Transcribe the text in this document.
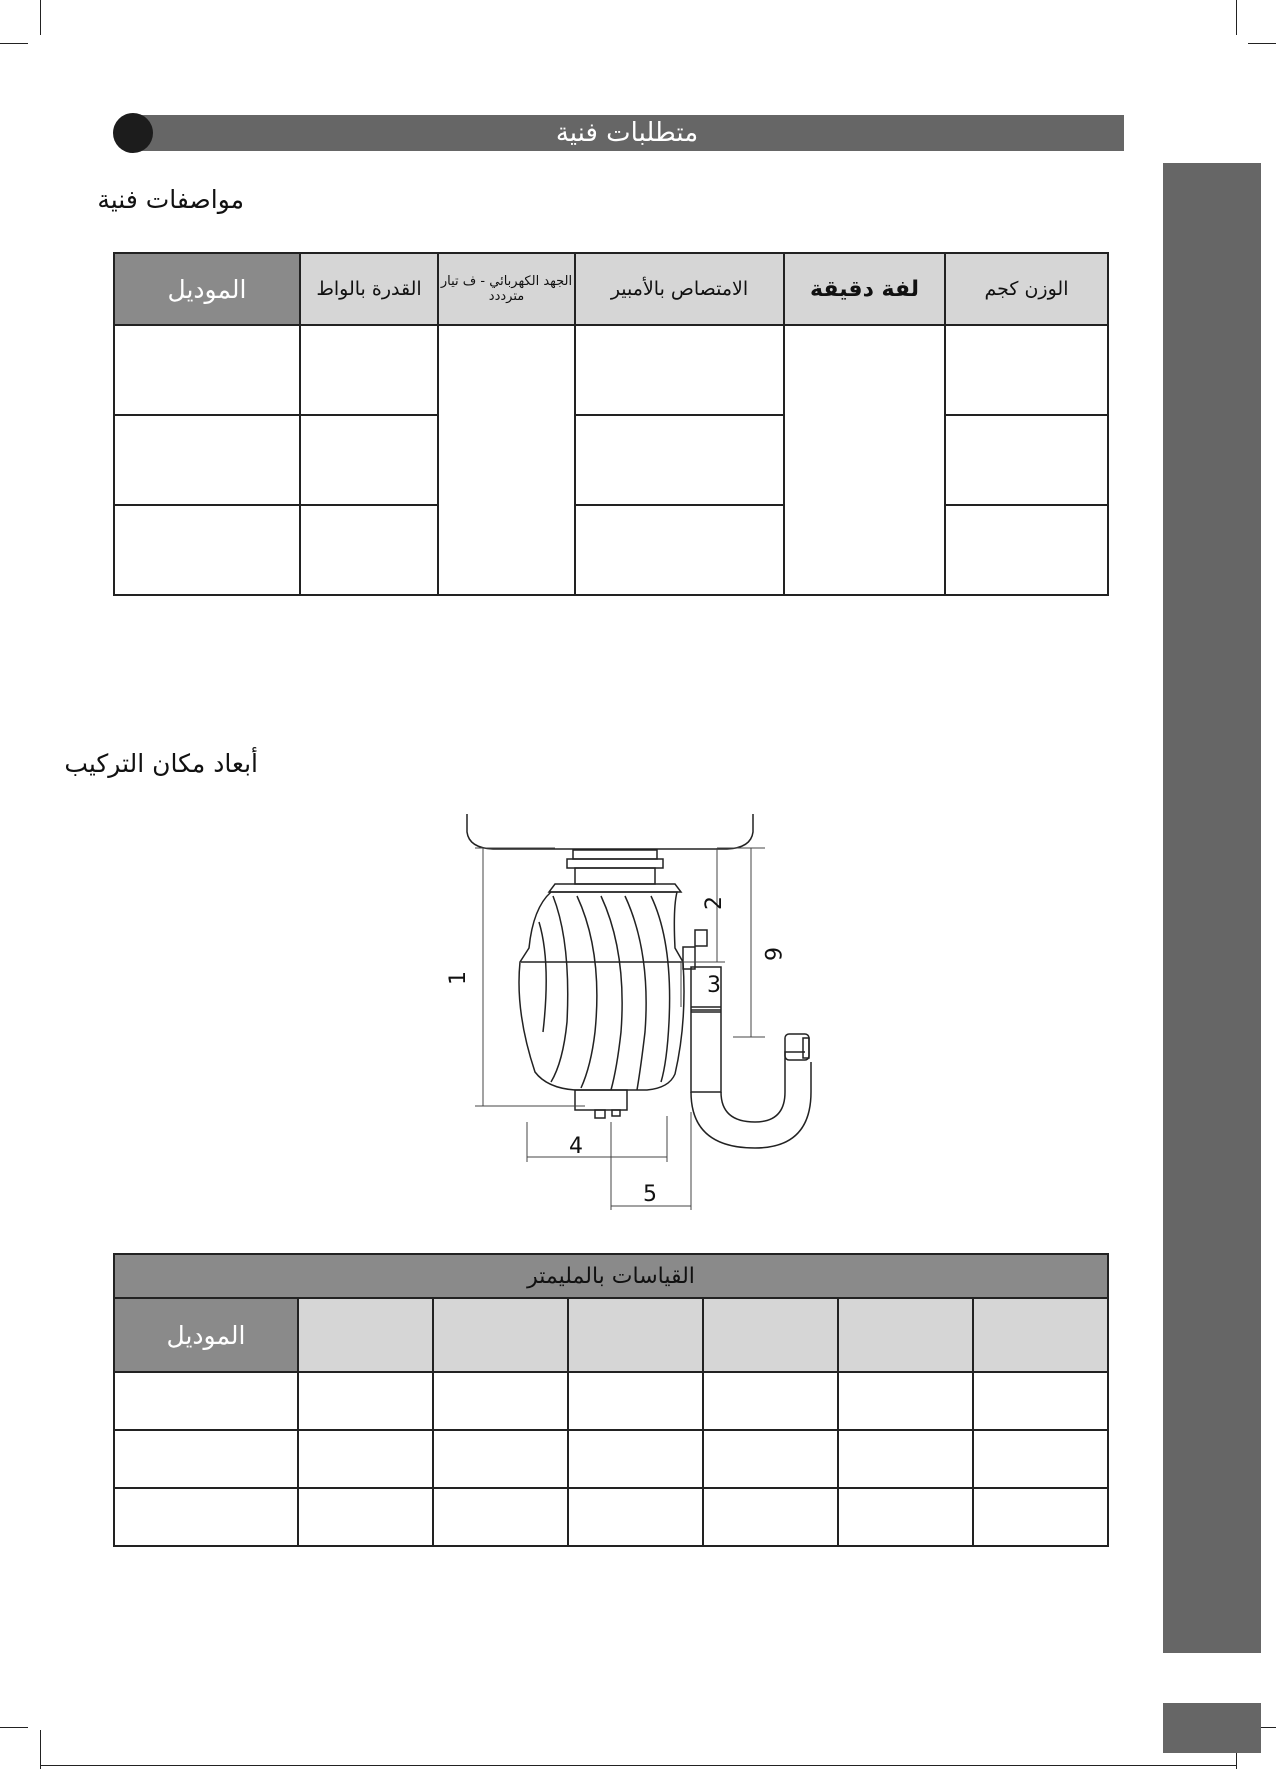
متطلبات فنية
مواصفات فنية
الموديل	القدرة بالواط	الجهد الكهربائي - ف تيار مترددد	الامتصاص بالأمبير	لفة دقيقة	الوزن كجم

أبعاد مكان التركيب
1
2
3
4
5
6
القياسات بالمليمتر						
الموديل						
